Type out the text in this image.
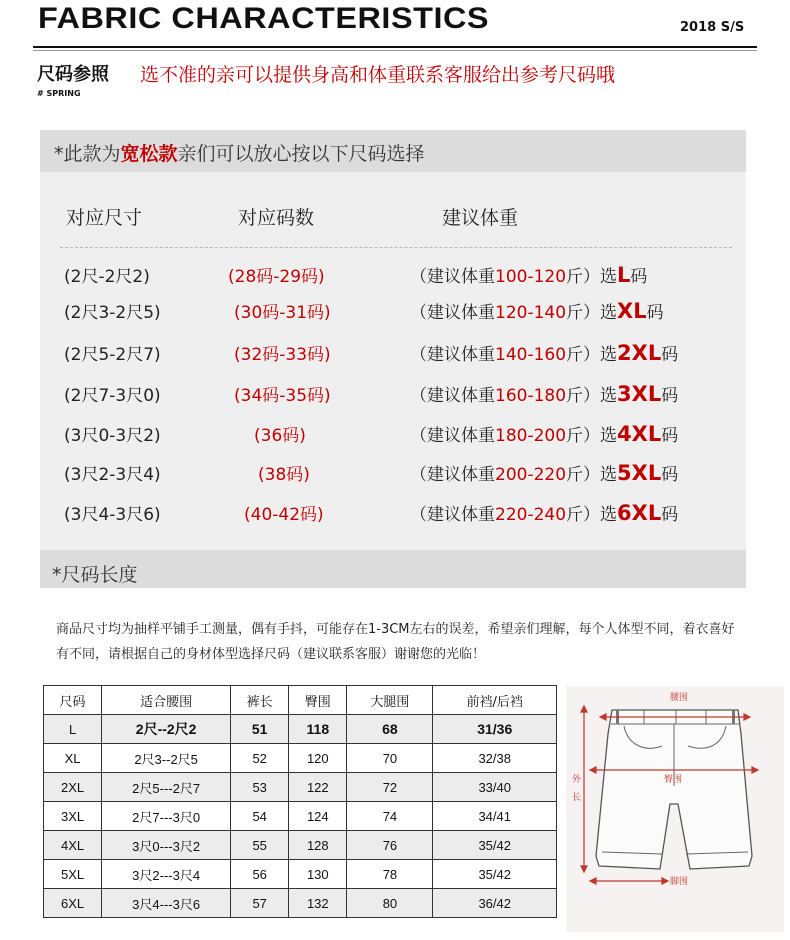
FABRIC CHARACTERISTICS	2018 S/S
尺码参照 选不准的亲可以提供身高和体重联系客服给出参考尺码哦
# SPRING
*此款为宽松款亲们可以放心按以下尺码选择
对应尺寸	对应码数	建议体重
(2尺-2尺2)	(28码-29码)	（建议体重100-120斤）选L码
(2尺3-2尺5)	(30码-31码)	（建议体重120-140斤）选XL码
(2尺5-2尺7)	(32码-33码)	（建议体重140-160斤）选2XL码
(2尺7-3尺0)	(34码-35码)	（建议体重160-180斤）选3XL码
(3尺0-3尺2)	(36码)	（建议体重180-200斤）选4XL码
(3尺2-3尺4)	(38码)	（建议体重200-220斤）选5XL码
(3尺4-3尺6)	(40-42码)	（建议体重220-240斤）选6XL码
*尺码长度
商品尺寸均为抽样平铺手工测量，偶有手抖，可能存在1-3CM左右的误差，希望亲们理解，每个人体型不同，着衣喜好有不同，请根据自己的身材体型选择尺码（建议联系客服）谢谢您的光临！
尺码	适合腰围	裤长	臀围	大腿围	前裆/后裆
L	2尺--2尺2	51	118	68	31/36
XL	2尺3--2尺5	52	120	70	32/38
2XL	2尺5---2尺7	53	122	72	33/40
3XL	2尺7---3尺0	54	124	74	34/41
4XL	3尺0---3尺2	55	128	76	35/42
5XL	3尺2---3尺4	56	130	78	35/42
6XL	3尺4---3尺6	57	132	80	36/42
腰围
臀围
外
长
脚围
